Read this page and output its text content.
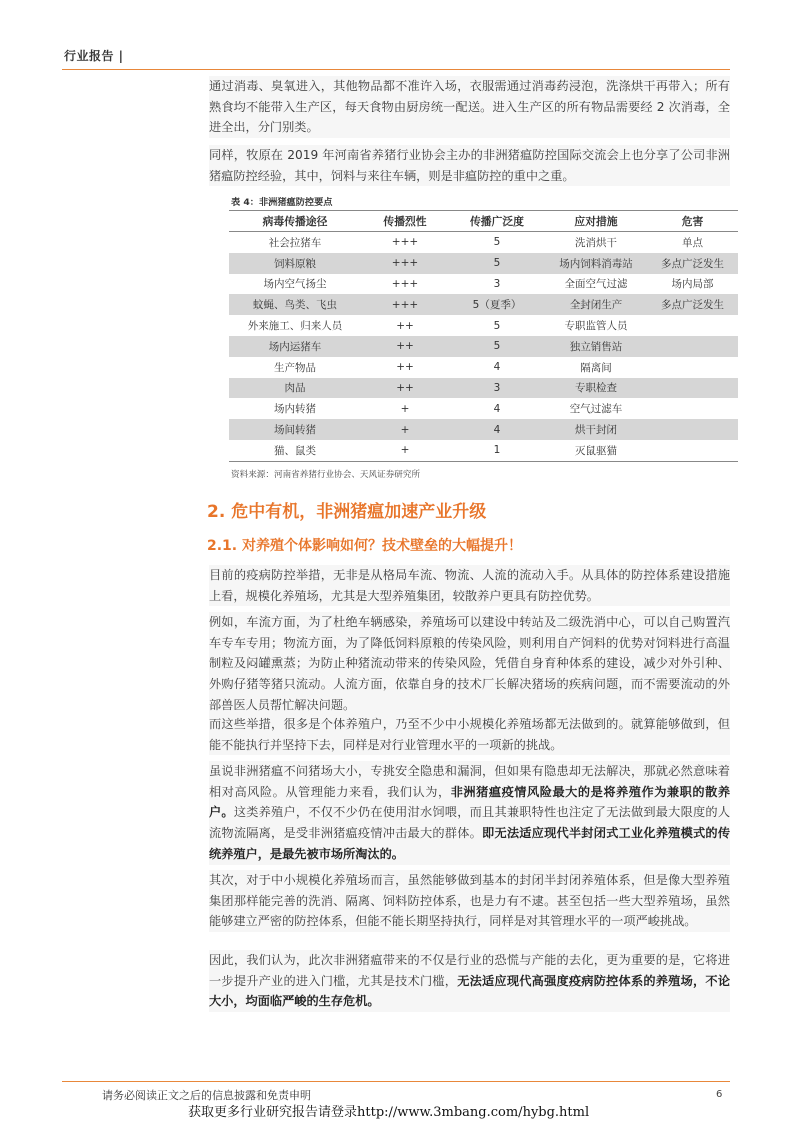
行业报告 |

通过消毒、臭氧进入，其他物品都不准许入场，衣服需通过消毒药浸泡，洗涤烘干再带入；所有熟食均不能带入生产区，每天食物由厨房统一配送。进入生产区的所有物品需要经 2 次消毒，全进全出，分门别类。

同样，牧原在 2019 年河南省养猪行业协会主办的非洲猪瘟防控国际交流会上也分享了公司非洲猪瘟防控经验，其中，饲料与来往车辆，则是非瘟防控的重中之重。

表 4：非洲猪瘟防控要点
病毒传播途径	传播烈性	传播广泛度	应对措施	危害
社会拉猪车	+++	5	洗消烘干	单点
饲料原粮	+++	5	场内饲料消毒站	多点广泛发生
场内空气扬尘	+++	3	全面空气过滤	场内局部
蚊蝇、鸟类、飞虫	+++	5（夏季）	全封闭生产	多点广泛发生
外来施工、归来人员	++	5	专职监管人员	
场内运猪车	++	5	独立销售站	
生产物品	++	4	隔离间	
肉品	++	3	专职检查	
场内转猪	+	4	空气过滤车	
场间转猪	+	4	烘干封闭	
猫、鼠类	+	1	灭鼠驱猫	
资料来源：河南省养猪行业协会、天风证券研究所
2. 危中有机，非洲猪瘟加速产业升级
2.1. 对养殖个体影响如何？技术壁垒的大幅提升！

目前的疫病防控举措，无非是从格局车流、物流、人流的流动入手。从具体的防控体系建设措施上看，规模化养殖场，尤其是大型养殖集团，较散养户更具有防控优势。

例如，车流方面，为了杜绝车辆感染，养殖场可以建设中转站及二级洗消中心，可以自己购置汽车专车专用；物流方面，为了降低饲料原粮的传染风险，则利用自产饲料的优势对饲料进行高温制粒及闷罐熏蒸；为防止种猪流动带来的传染风险，凭借自身育种体系的建设，减少对外引种、外购仔猪等猪只流动。人流方面，依靠自身的技术厂长解决猪场的疾病问题，而不需要流动的外部兽医人员帮忙解决问题。

而这些举措，很多是个体养殖户，乃至不少中小规模化养殖场都无法做到的。就算能够做到，但能不能执行并坚持下去，同样是对行业管理水平的一项新的挑战。

虽说非洲猪瘟不问猪场大小，专挑安全隐患和漏洞，但如果有隐患却无法解决，那就必然意味着相对高风险。从管理能力来看，我们认为，非洲猪瘟疫情风险最大的是将养殖作为兼职的散养户。这类养殖户，不仅不少仍在使用泔水饲喂，而且其兼职特性也注定了无法做到最大限度的人流物流隔离，是受非洲猪瘟疫情冲击最大的群体。即无法适应现代半封闭式工业化养殖模式的传统养殖户，是最先被市场所淘汰的。

其次，对于中小规模化养殖场而言，虽然能够做到基本的封闭半封闭养殖体系，但是像大型养殖集团那样能完善的洗消、隔离、饲料防控体系，也是力有不逮。甚至包括一些大型养殖场，虽然能够建立严密的防控体系，但能不能长期坚持执行，同样是对其管理水平的一项严峻挑战。

因此，我们认为，此次非洲猪瘟带来的不仅是行业的恐慌与产能的去化，更为重要的是，它将进一步提升产业的进入门槛，尤其是技术门槛，无法适应现代高强度疫病防控体系的养殖场，不论大小，均面临严峻的生存危机。

请务必阅读正文之后的信息披露和免责申明	6
获取更多行业研究报告请登录http://www.3mbang.com/hybg.html
